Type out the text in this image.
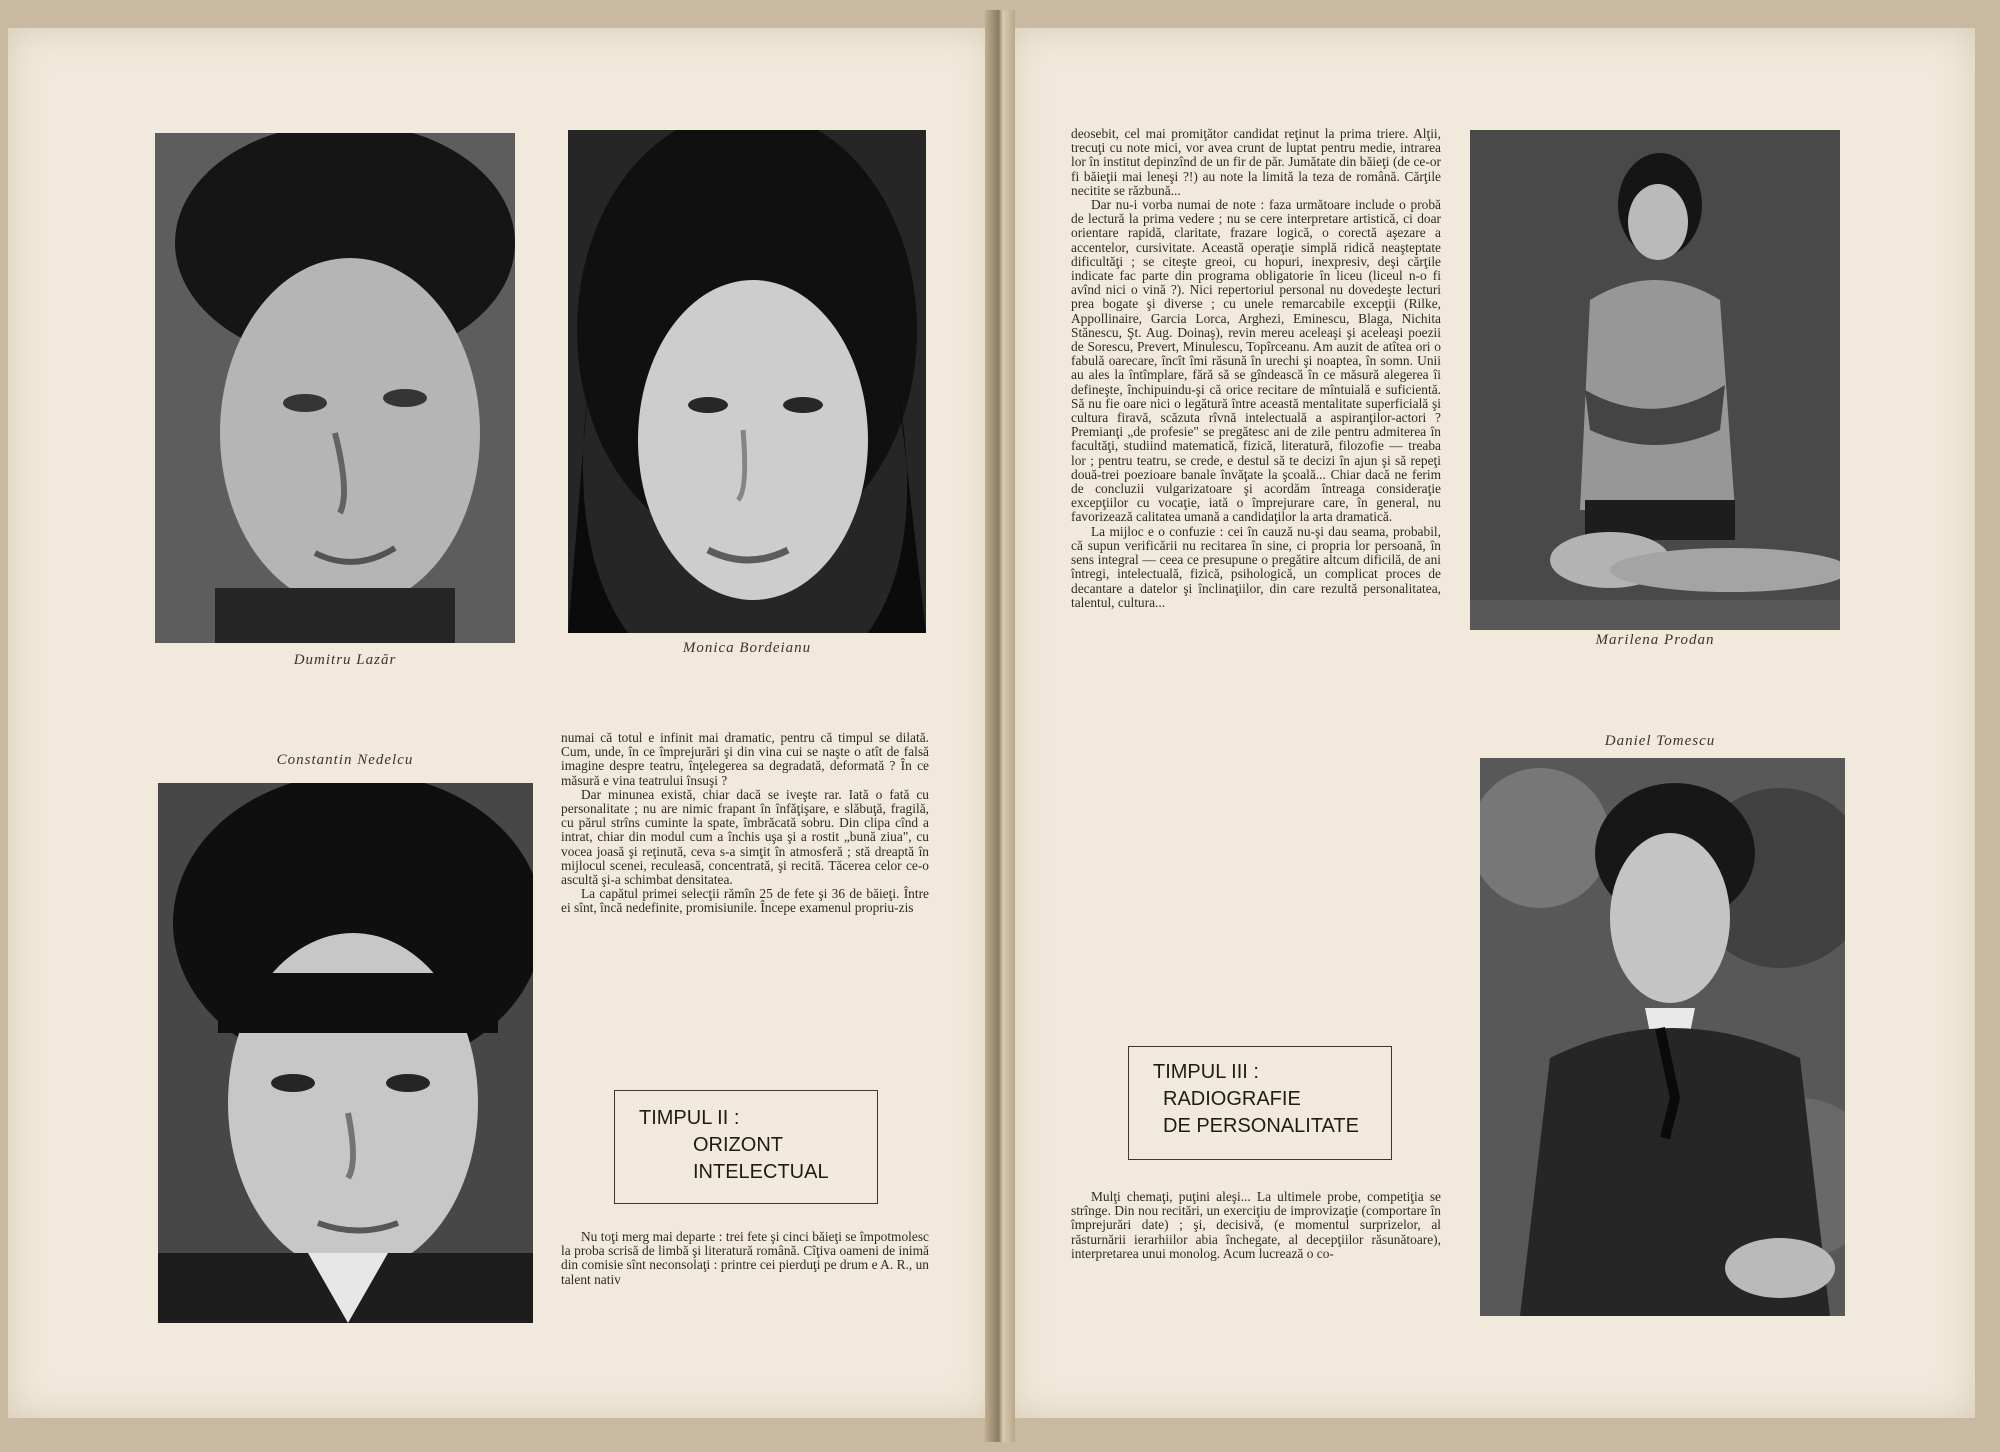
Dumitru Lazăr
Monica Bordeianu
Constantin Nedelcu

numai că totul e infinit mai dramatic, pentru că timpul se dilată. Cum, unde, în ce împrejurări şi din vina cui se naşte o atît de falsă imagine despre teatru, înţelegerea sa degradată, deformată ? În ce măsură e vina teatrului însuşi ?

Dar minunea există, chiar dacă se iveşte rar. Iată o fată cu personalitate ; nu are nimic frapant în înfăţişare, e slăbuţă, fragilă, cu părul strîns cuminte la spate, îmbrăcată sobru. Din clipa cînd a intrat, chiar din modul cum a închis uşa şi a rostit „bună ziua", cu vocea joasă şi reţinută, ceva s-a simţit în atmosferă ; stă dreaptă în mijlocul scenei, reculeasă, concentrată, şi recită. Tăcerea celor ce-o ascultă şi-a schimbat densitatea.

La capătul primei selecţii rămîn 25 de fete şi 36 de băieţi. Între ei sînt, încă nedefinite, promisiunile. Începe examenul propriu-zis

TIMPUL II :
ORIZONT
INTELECTUAL

Nu toţi merg mai departe : trei fete şi cinci băieţi se împotmolesc la proba scrisă de limbă şi literatură română. Cîţiva oameni de inimă din comisie sînt neconsolaţi : printre cei pierduţi pe drum e A. R., un talent nativ

deosebit, cel mai promiţător candidat reţinut la prima triere. Alţii, trecuţi cu note mici, vor avea crunt de luptat pentru medie, intrarea lor în institut depinzînd de un fir de păr. Jumătate din băieţi (de ce-or fi băieţii mai leneşi ?!) au note la limită la teza de română. Cărţile necitite se răzbună...

Dar nu-i vorba numai de note : faza următoare include o probă de lectură la prima vedere ; nu se cere interpretare artistică, ci doar orientare rapidă, claritate, frazare logică, o corectă aşezare a accentelor, cursivitate. Această operaţie simplă ridică neaşteptate dificultăţi ; se citeşte greoi, cu hopuri, inexpresiv, deşi cărţile indicate fac parte din programa obligatorie în liceu (liceul n-o fi avînd nici o vină ?). Nici repertoriul personal nu dovedeşte lecturi prea bogate şi diverse ; cu unele remarcabile excepţii (Rilke, Appollinaire, Garcia Lorca, Arghezi, Eminescu, Blaga, Nichita Stănescu, Şt. Aug. Doinaş), revin mereu aceleaşi şi aceleaşi poezii de Sorescu, Prevert, Minulescu, Topîrceanu. Am auzit de atîtea ori o fabulă oarecare, încît îmi răsună în urechi şi noaptea, în somn. Unii au ales la întîmplare, fără să se gîndească în ce măsură alegerea îi defineşte, închipuindu-şi că orice recitare de mîntuială e suficientă. Să nu fie oare nici o legătură între această mentalitate superficială şi cultura firavă, scăzuta rîvnă intelectuală a aspiranţilor-actori ? Premianţi „de profesie" se pregătesc ani de zile pentru admiterea în facultăţi, studiind matematică, fizică, literatură, filozofie — treaba lor ; pentru teatru, se crede, e destul să te decizi în ajun şi să repeţi două-trei poezioare banale învăţate la şcoală... Chiar dacă ne ferim de concluzii vulgarizatoare şi acordăm întreaga consideraţie excepţiilor cu vocaţie, iată o împrejurare care, în general, nu favorizează calitatea umană a candidaţilor la arta dramatică.

La mijloc e o confuzie : cei în cauză nu-şi dau seama, probabil, că supun verificării nu recitarea în sine, ci propria lor persoană, în sens integral — ceea ce presupune o pregătire altcum dificilă, de ani întregi, intelectuală, fizică, psihologică, un complicat proces de decantare a datelor şi înclinaţiilor, din care rezultă personalitatea, talentul, cultura...

TIMPUL III :
RADIOGRAFIE
DE PERSONALITATE

Mulţi chemaţi, puţini aleşi... La ultimele probe, competiţia se strînge. Din nou recitări, un exerciţiu de improvizaţie (comportare în împrejurări date) ; şi, decisivă, (e momentul surprizelor, al răsturnării ierarhiilor abia închegate, al decepţiilor răsunătoare), interpretarea unui monolog. Acum lucrează o co-

Marilena Prodan
Daniel Tomescu
